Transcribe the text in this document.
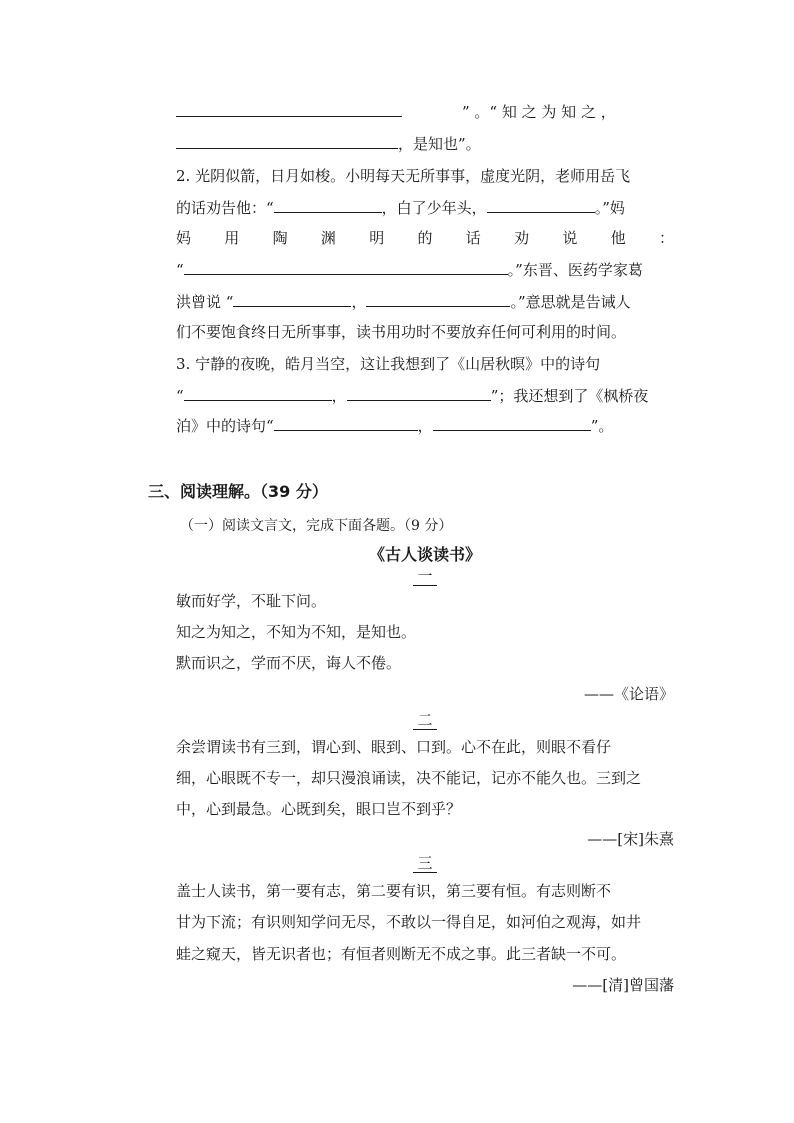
” 。“ 知 之 为 知 之 ，
，是知也”。
2. 光阴似箭，日月如梭。小明每天无所事事，虚度光阴，老师用岳飞
的话劝告他：“	，白了少年头，	。”妈
妈 用 陶 渊 明 的 话 劝 说 他 ：
“	。”东晋、医药学家葛
洪曾说 “	，	。”意思就是告诫人
们不要饱食终日无所事事，读书用功时不要放弃任何可利用的时间。
3. 宁静的夜晚，皓月当空，这让我想到了《山居秋暝》中的诗句
“	，	”；我还想到了《枫桥夜
泊》中的诗句“	，	”。
三、阅读理解。（39 分）
（一）阅读文言文，完成下面各题。（9 分）
《古人谈读书》
一
敏而好学，不耻下问。
知之为知之，不知为不知，是知也。
默而识之，学而不厌，诲人不倦。
——《论语》
二
余尝谓读书有三到，谓心到、眼到、口到。心不在此，则眼不看仔
细，心眼既不专一，却只漫浪诵读，决不能记，记亦不能久也。三到之
中，心到最急。心既到矣，眼口岂不到乎？
——[宋]朱熹
三
盖士人读书，第一要有志，第二要有识，第三要有恒。有志则断不
甘为下流；有识则知学问无尽，不敢以一得自足，如河伯之观海，如井
蛙之窥天，皆无识者也；有恒者则断无不成之事。此三者缺一不可。
——[清]曾国藩
